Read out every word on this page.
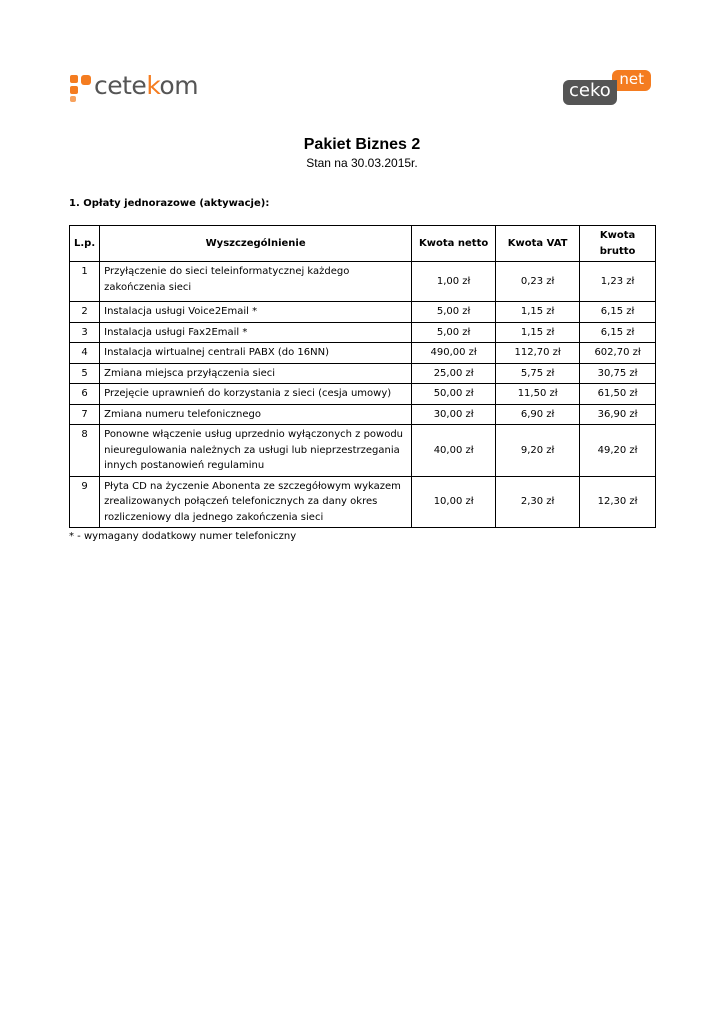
cetekom	net
ceko
Pakiet Biznes 2
Stan na 30.03.2015r.
1. Opłaty jednorazowe (aktywacje):
L.p.	Wyszczególnienie	Kwota netto	Kwota VAT	Kwota brutto
1	Przyłączenie do sieci teleinformatycznej każdego zakończenia sieci	1,00 zł	0,23 zł	1,23 zł
2	Instalacja usługi Voice2Email *	5,00 zł	1,15 zł	6,15 zł
3	Instalacja usługi Fax2Email *	5,00 zł	1,15 zł	6,15 zł
4	Instalacja wirtualnej centrali PABX (do 16NN)	490,00 zł	112,70 zł	602,70 zł
5	Zmiana miejsca przyłączenia sieci	25,00 zł	5,75 zł	30,75 zł
6	Przejęcie uprawnień do korzystania z sieci (cesja umowy)	50,00 zł	11,50 zł	61,50 zł
7	Zmiana numeru telefonicznego	30,00 zł	6,90 zł	36,90 zł
8	Ponowne włączenie usług uprzednio wyłączonych z powodu nieuregulowania należnych za usługi lub nieprzestrzegania innych postanowień regulaminu	40,00 zł	9,20 zł	49,20 zł
9	Płyta CD na życzenie Abonenta ze szczegółowym wykazem zrealizowanych połączeń telefonicznych za dany okres rozliczeniowy dla jednego zakończenia sieci	10,00 zł	2,30 zł	12,30 zł
* - wymagany dodatkowy numer telefoniczny
